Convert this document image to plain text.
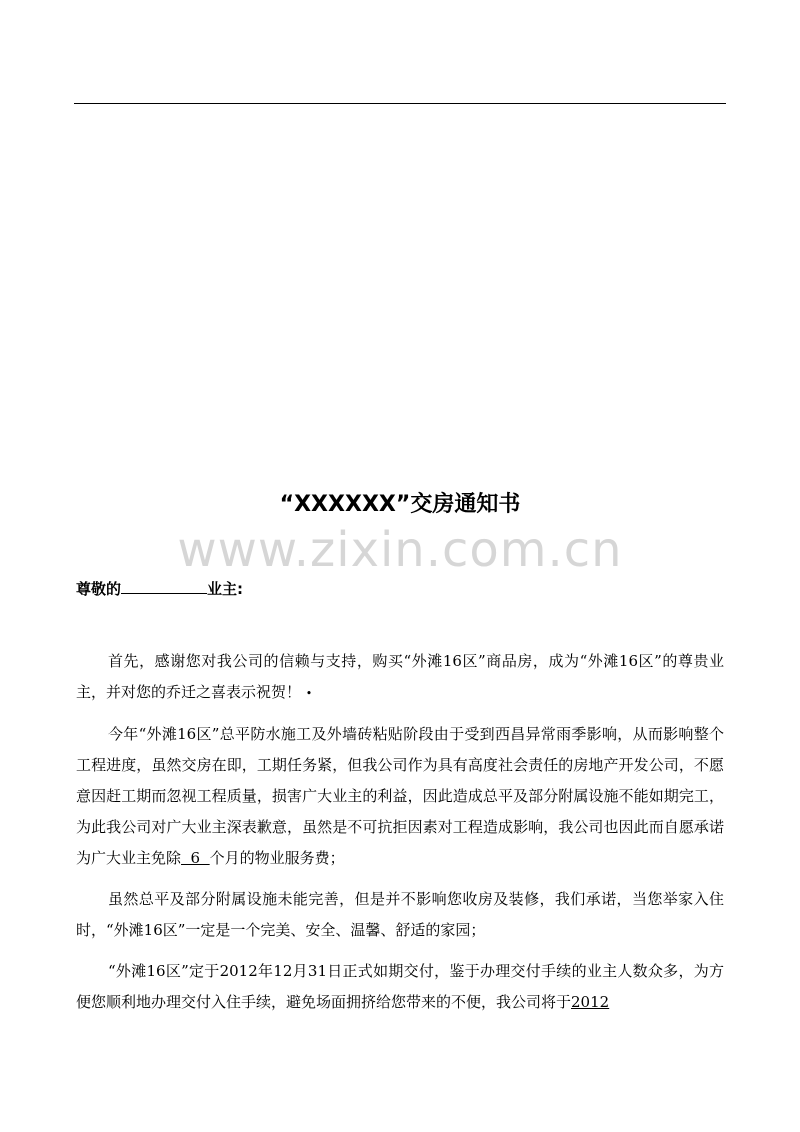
“XXXXXX”交房通知书
www.zixin.com.cn
尊敬的	业主:

首先，感谢您对我公司的信赖与支持，购买“外滩16区”商品房，成为“外滩16区”的尊贵业主，并对您的乔迁之喜表示祝贺！ •

今年“外滩16区”总平防水施工及外墙砖粘贴阶段由于受到西昌异常雨季影响，从而影响整个工程进度，虽然交房在即，工期任务紧，但我公司作为具有高度社会责任的房地产开发公司，不愿意因赶工期而忽视工程质量，损害广大业主的利益，因此造成总平及部分附属设施不能如期完工，为此我公司对广大业主深表歉意，虽然是不可抗拒因素对工程造成影响，我公司也因此而自愿承诺为广大业主免除  6  个月的物业服务费；

虽然总平及部分附属设施未能完善，但是并不影响您收房及装修，我们承诺，当您举家入住时，“外滩16区”一定是一个完美、安全、温馨、舒适的家园；

“外滩16区”定于2012年12月31日正式如期交付，鉴于办理交付手续的业主人数众多，为方便您顺利地办理交付入住手续，避免场面拥挤给您带来的不便，我公司将于2012
